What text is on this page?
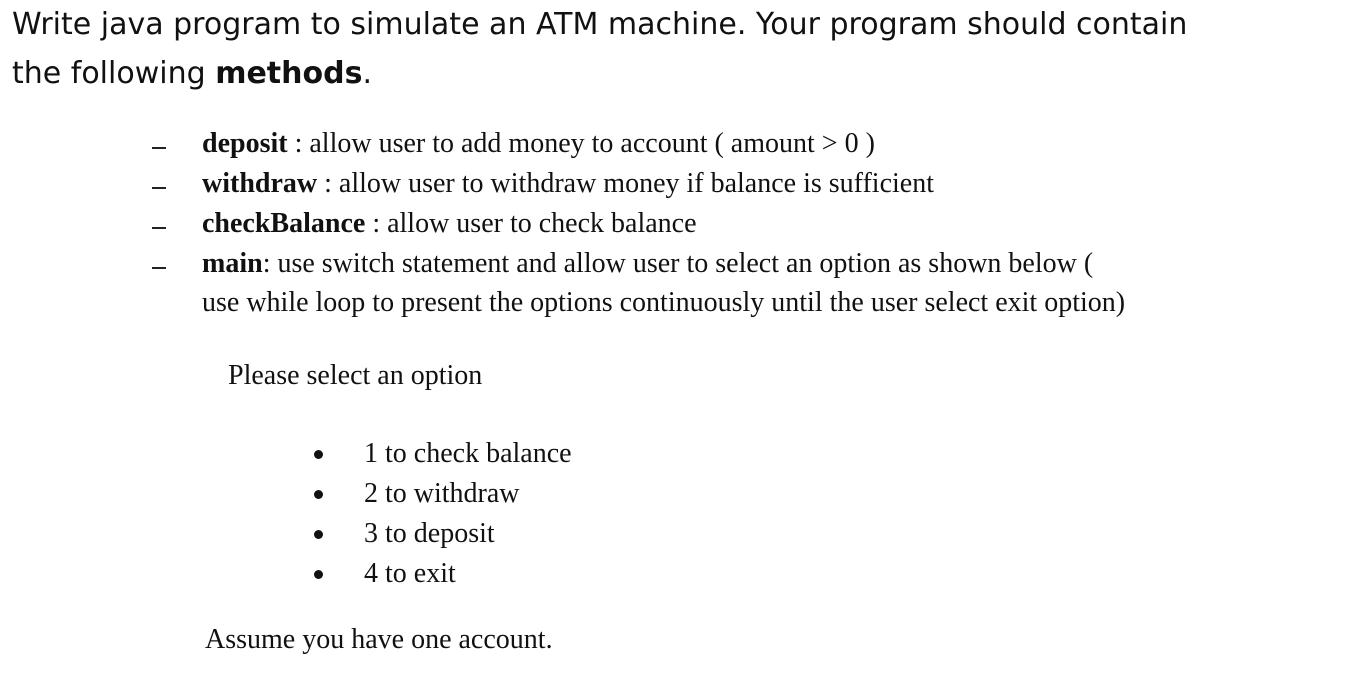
Write java program to simulate an ATM machine. Your program should contain
the following methods.
deposit : allow user to add money to account ( amount > 0 )
withdraw : allow user to withdraw money if balance is sufficient
checkBalance : allow user to check balance
main: use switch statement and allow user to select an option as shown below (
use while loop to present the options continuously until the user select exit option)
Please select an option
1 to check balance
2 to withdraw
3 to deposit
4 to exit
Assume you have one account.
